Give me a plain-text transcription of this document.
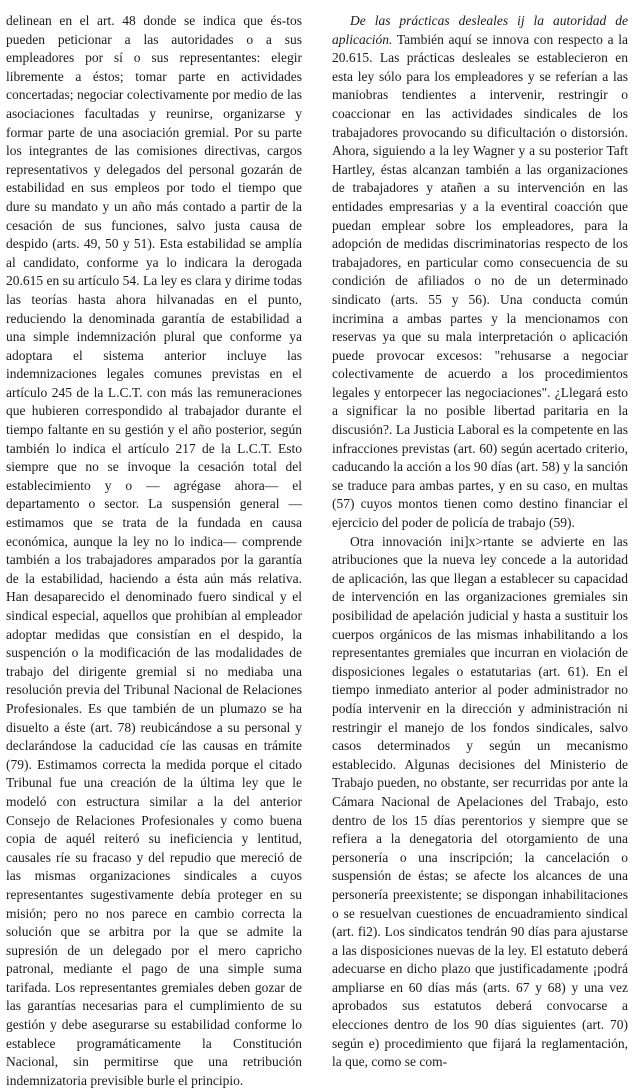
delinean en el art. 48 donde se indica que és-tos pueden peticionar a las autoridades o a sus empleadores por sí o sus representantes: elegir libremente a éstos; tomar parte en actividades concertadas; negociar colectivamente por medio de las asociaciones facultadas y reunirse, organizarse y formar parte de una asociación gremial. Por su parte los integrantes de las comisiones directivas, cargos representativos y delegados del personal gozarán de estabilidad en sus empleos por todo el tiempo que dure su mandato y un año más contado a partir de la cesación de sus funciones, salvo justa causa de despido (arts. 49, 50 y 51). Esta estabilidad se amplía al candidato, conforme ya lo indicara la derogada 20.615 en su artículo 54. La ley es clara y dirime todas las teorías hasta ahora hilvanadas en el punto, reduciendo la denominada garantía de estabilidad a una simple indemnización plural que conforme ya adoptara el sistema anterior incluye las indemnizaciones legales comunes previstas en el artículo 245 de la L.C.T. con más las remuneraciones que hubieren correspondido al trabajador durante el tiempo faltante en su gestión y el año posterior, según también lo indica el artículo 217 de la L.C.T. Esto siempre que no se invoque la cesación total del establecimiento y o — agrégase ahora— el departamento o sector. La suspensión general —estimamos que se trata de la fundada en causa económica, aunque la ley no lo indica— comprende también a los trabajadores amparados por la garantía de la estabilidad, haciendo a ésta aún más relativa. Han desaparecido el denominado fuero sindical y el sindical especial, aquellos que prohibían al empleador adoptar medidas que consistían en el despido, la suspención o la modificación de las modalidades de trabajo del dirigente gremial si no mediaba una resolución previa del Tribunal Nacional de Relaciones Profesionales. Es que también de un plumazo se ha disuelto a éste (art. 78) reubicándose a su personal y declarándose la caducidad cíe las causas en trámite (79). Estimamos correcta la medida porque el citado Tribunal fue una creación de la última ley que le modeló con estructura similar a la del anterior Consejo de Relaciones Profesionales y como buena copia de aquél reiteró su ineficiencia y lentitud, causales ríe su fracaso y del repudio que mereció de las mismas organizaciones sindicales a cuyos representantes sugestivamente debía proteger en su misión; pero no nos parece en cambio correcta la solución que se arbitra por la que se admite la supresión de un delegado por el mero capricho patronal, mediante el pago de una simple suma tarifada. Los representantes gremiales deben gozar de las garantías necesarias para el cumplimiento de su gestión y debe asegurarse su estabilidad conforme lo establece programáticamente la Constitución Nacional, sin permitirse que una retribución indemnizatoria previsible burle el principio.

De las prácticas desleales ij la autoridad de aplicación. También aquí se innova con respecto a la 20.615. Las prácticas desleales se establecieron en esta ley sólo para los empleadores y se referían a las maniobras tendientes a intervenir, restringir o coaccionar en las actividades sindicales de los trabajadores provocando su dificultación o distorsión. Ahora, siguiendo a la ley Wagner y a su posterior Taft Hartley, éstas alcanzan también a las organizaciones de trabajadores y atañen a su intervención en las entidades empresarias y a la eventiral coacción que puedan emplear sobre los empleadores, para la adopción de medidas discriminatorias respecto de los trabajadores, en particular como consecuencia de su condición de afiliados o no de un determinado sindicato (arts. 55 y 56). Una conducta común incrimina a ambas partes y la mencionamos con reservas ya que su mala interpretación o aplicación puede provocar excesos: "rehusarse a negociar colectivamente de acuerdo a los procedimientos legales y entorpecer las negociaciones". ¿Llegará esto a significar la no posible libertad paritaria en la discusión?. La Justicia Laboral es la competente en las infracciones previstas (art. 60) según acertado criterio, caducando la acción a los 90 días (art. 58) y la sanción se traduce para ambas partes, y en su caso, en multas (57) cuyos montos tienen como destino financiar el ejercicio del poder de policía de trabajo (59).

Otra innovación ini]x>rtante se advierte en las atribuciones que la nueva ley concede a la autoridad de aplicación, las que llegan a establecer su capacidad de intervención en las organizaciones gremiales sin posibilidad de apelación judicial y hasta a sustituir los cuerpos orgánicos de las mismas inhabilitando a los representantes gremiales que incurran en violación de disposiciones legales o estatutarias (art. 61). En el tiempo inmediato anterior al poder administrador no podía intervenir en la dirección y administración ni restringir el manejo de los fondos sindicales, salvo casos determinados y según un mecanismo establecido. Algunas decisiones del Ministerio de Trabajo pueden, no obstante, ser recurridas por ante la Cámara Nacional de Apelaciones del Trabajo, esto dentro de los 15 días perentorios y siempre que se refiera a la denegatoria del otorgamiento de una personería o una inscripción; la cancelación o suspensión de éstas; se afecte los alcances de una personería preexistente; se dispongan inhabilitaciones o se resuelvan cuestiones de encuadramiento sindical (art. fi2). Los sindicatos tendrán 90 días para ajustarse a las disposiciones nuevas de la ley. El estatuto deberá adecuarse en dicho plazo que justificadamente ¡podrá ampliarse en 60 días más (arts. 67 y 68) y una vez aprobados sus estatutos deberá convocarse a elecciones dentro de los 90 días siguientes (art. 70) según e) procedimiento que fijará la reglamentación, la que, como se com-
